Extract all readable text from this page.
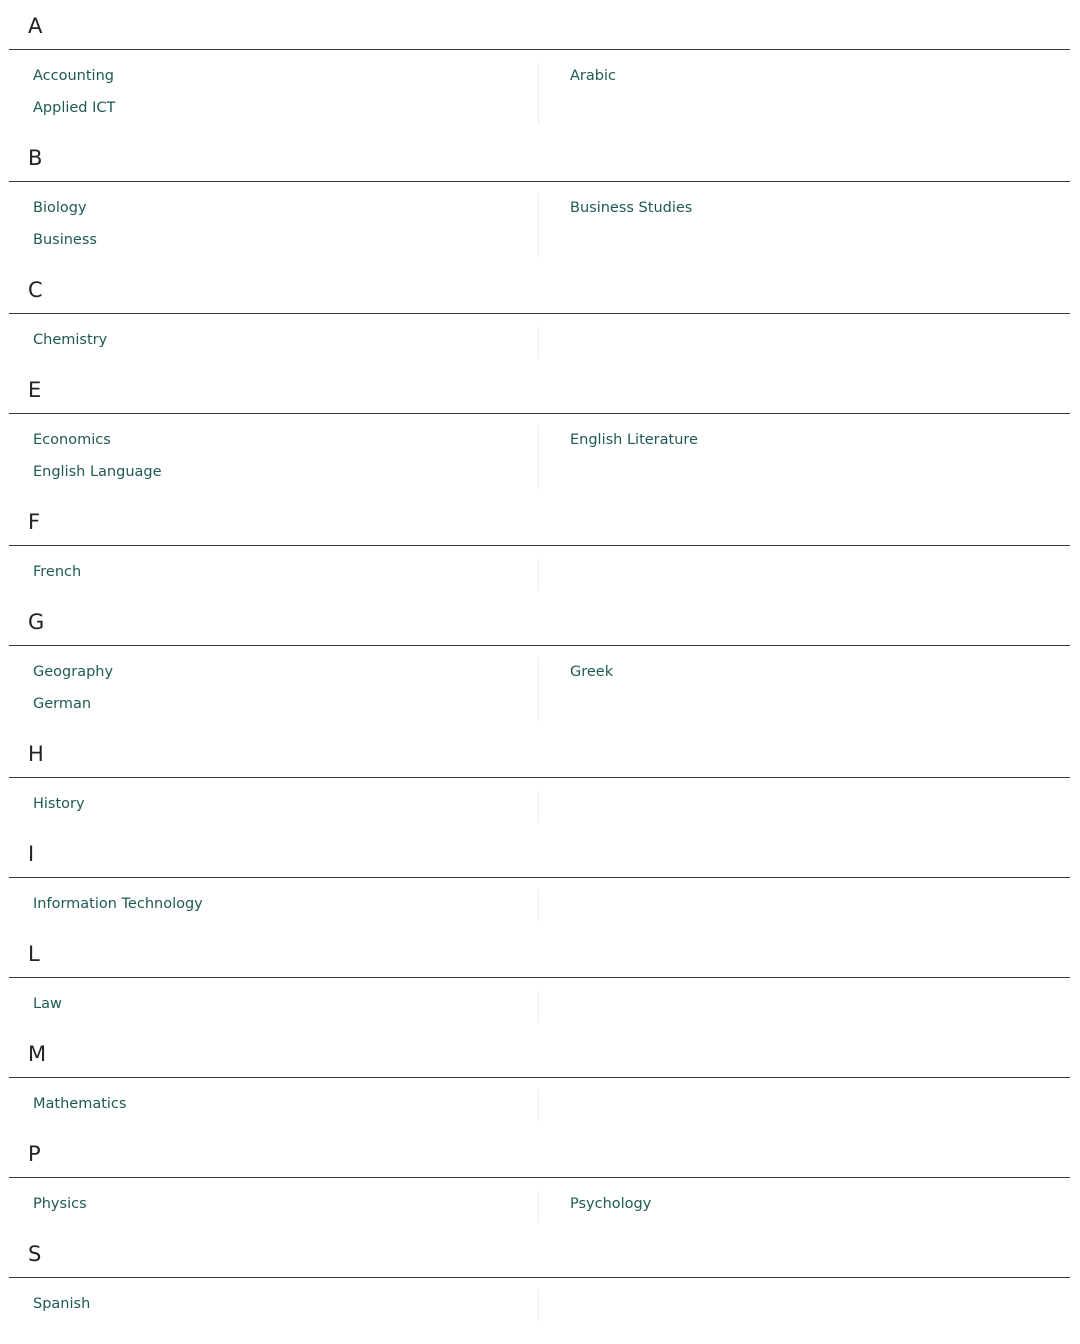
A
Accounting
Applied ICT
Arabic
B
Biology
Business
Business Studies
C
Chemistry
E
Economics
English Language
English Literature
F
French
G
Geography
German
Greek
H
History
I
Information Technology
L
Law
M
Mathematics
P
Physics	Psychology
S
Spanish
